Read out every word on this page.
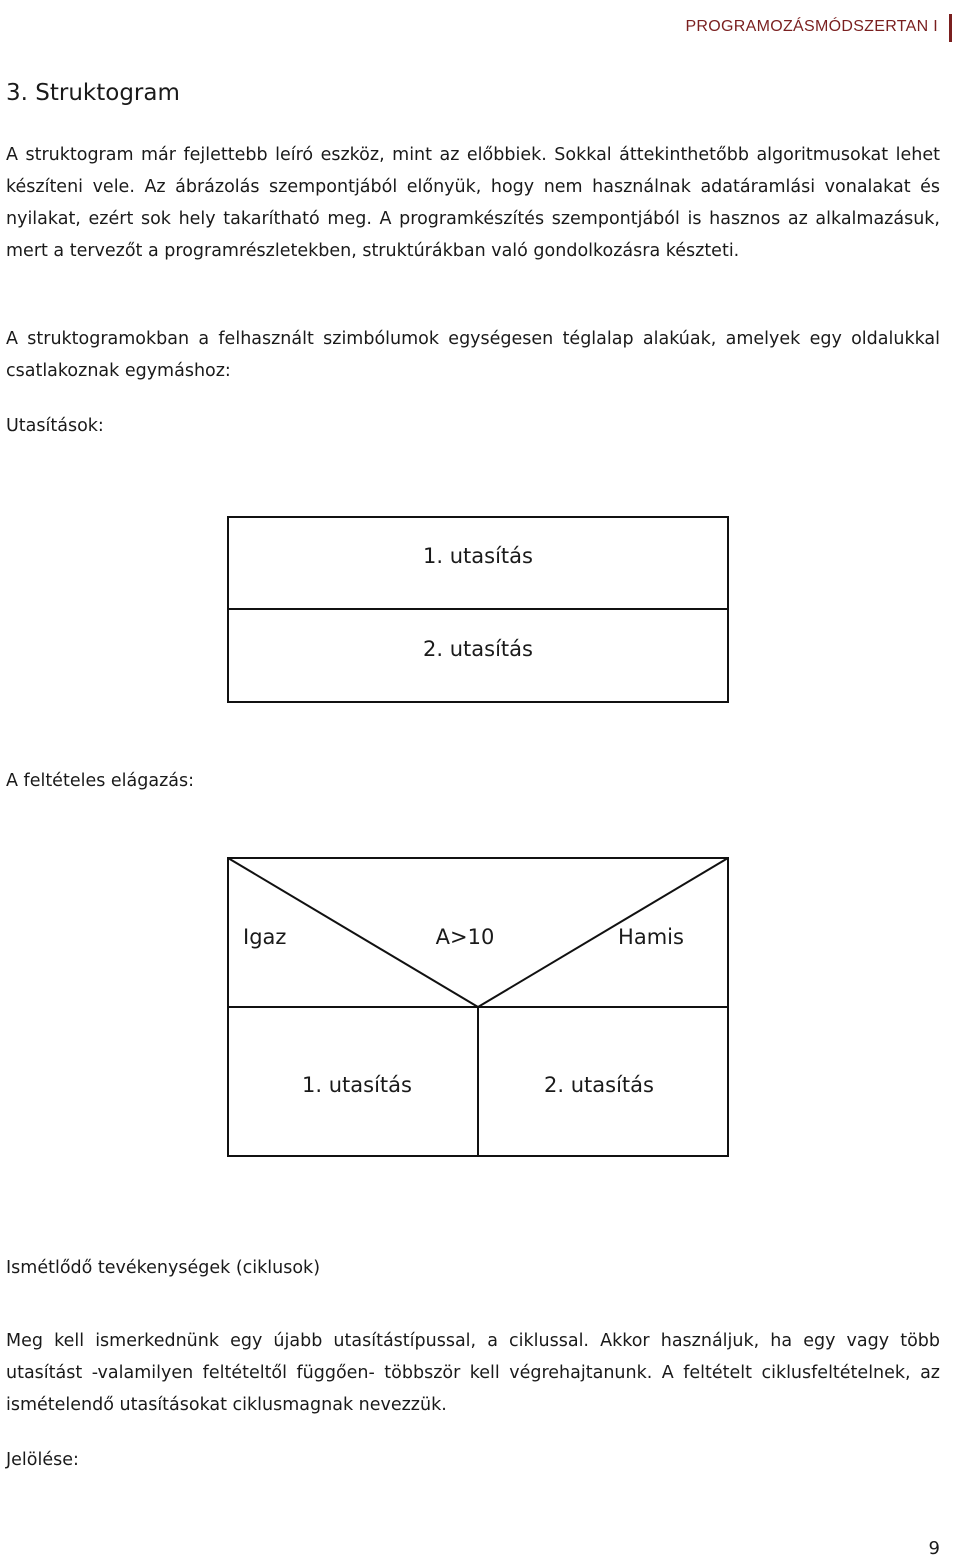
PROGRAMOZÁSMÓDSZERTAN I
3. Struktogram

A struktogram már fejlettebb leíró eszköz, mint az előbbiek. Sokkal áttekinthetőbb algoritmusokat lehet készíteni vele. Az ábrázolás szempontjából előnyük, hogy nem használnak adatáramlási vonalakat és nyilakat, ezért sok hely takarítható meg. A programkészítés szempontjából is hasznos az alkalmazásuk, mert a tervezőt a programrészletekben, struktúrákban való gondolkozásra készteti.

A struktogramokban a felhasznált szimbólumok egységesen téglalap alakúak, amelyek egy oldalukkal csatlakoznak egymáshoz:

Utasítások:
1. utasítás
2. utasítás
A feltételes elágazás:
Igaz	A>10	Hamis
1. utasítás	2. utasítás
Ismétlődő tevékenységek (ciklusok)

Meg kell ismerkednünk egy újabb utasítástípussal, a ciklussal. Akkor használjuk, ha egy vagy több utasítást -valamilyen feltételtől függően- többször kell végrehajtanunk. A feltételt ciklusfeltételnek, az ismételendő utasításokat ciklusmagnak nevezzük.

Jelölése:
9
